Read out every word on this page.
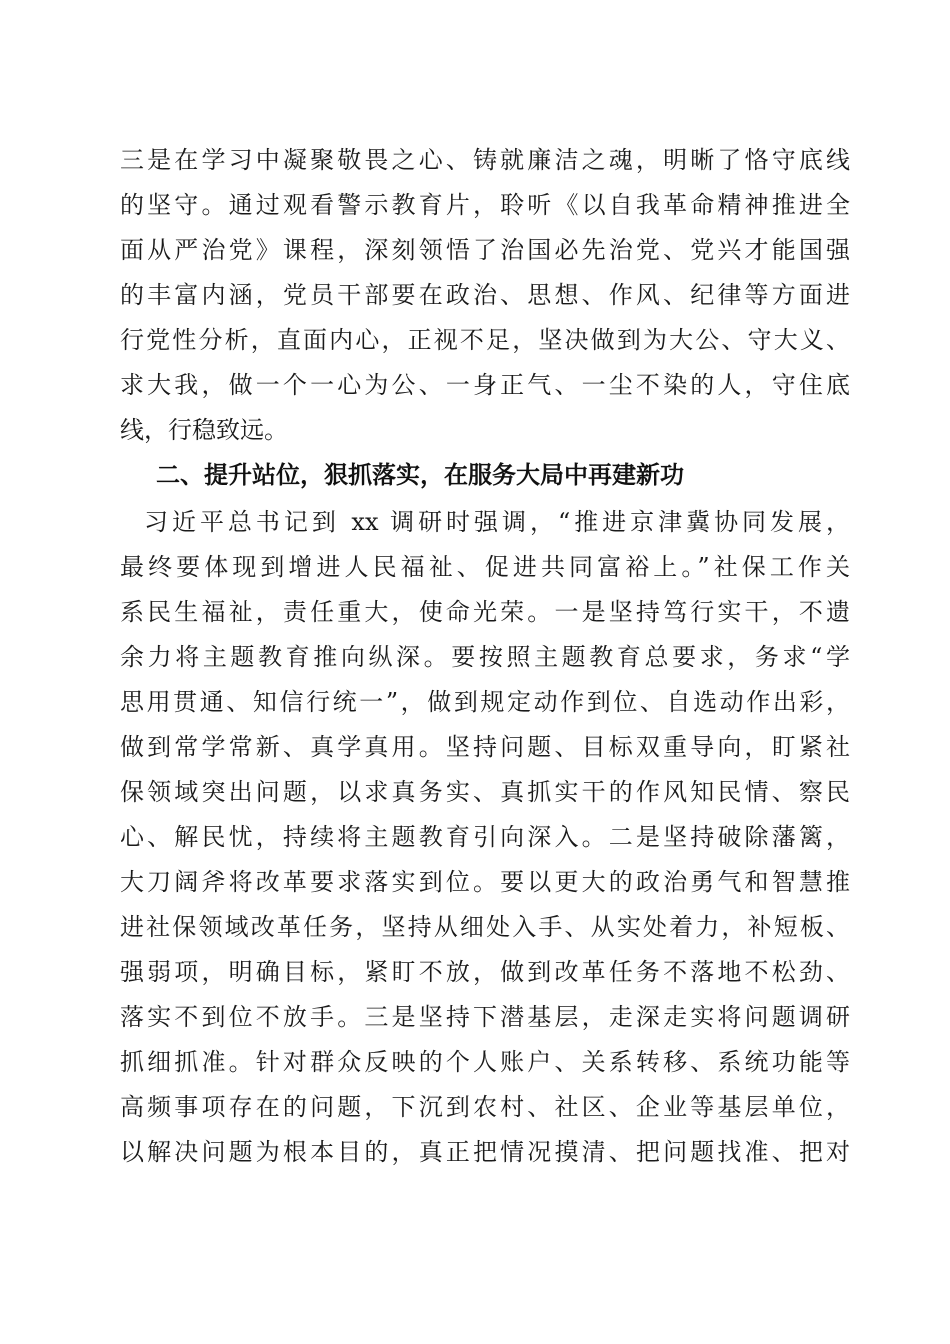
三是在学习中凝聚敬畏之心、铸就廉洁之魂，明晰了恪守底线
的坚守。通过观看警示教育片，聆听《以自我革命精神推进全
面从严治党》课程，深刻领悟了治国必先治党、党兴才能国强
的丰富内涵，党员干部要在政治、思想、作风、纪律等方面进
行党性分析，直面内心，正视不足，坚决做到为大公、守大义、
求大我，做一个一心为公、一身正气、一尘不染的人，守住底
线，行稳致远。
二、提升站位，狠抓落实，在服务大局中再建新功
习近平总书记到 xx 调研时强调，“推进京津冀协同发展，
最终要体现到增进人民福祉、促进共同富裕上。”社保工作关
系民生福祉，责任重大，使命光荣。一是坚持笃行实干，不遗
余力将主题教育推向纵深。要按照主题教育总要求，务求“学
思用贯通、知信行统一”，做到规定动作到位、自选动作出彩，
做到常学常新、真学真用。坚持问题、目标双重导向，盯紧社
保领域突出问题，以求真务实、真抓实干的作风知民情、察民
心、解民忧，持续将主题教育引向深入。二是坚持破除藩篱，
大刀阔斧将改革要求落实到位。要以更大的政治勇气和智慧推
进社保领域改革任务，坚持从细处入手、从实处着力，补短板、
强弱项，明确目标，紧盯不放，做到改革任务不落地不松劲、
落实不到位不放手。三是坚持下潜基层，走深走实将问题调研
抓细抓准。针对群众反映的个人账户、关系转移、系统功能等
高频事项存在的问题，下沉到农村、社区、企业等基层单位，
以解决问题为根本目的，真正把情况摸清、把问题找准、把对
